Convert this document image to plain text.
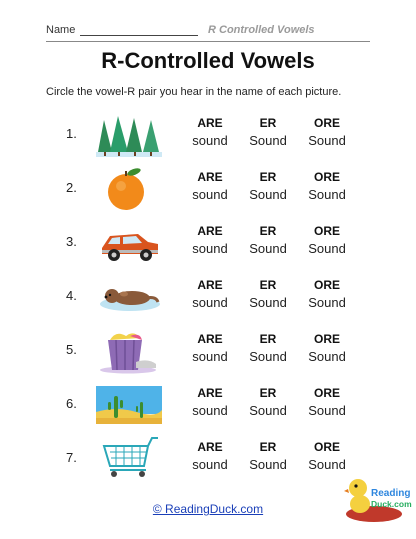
Name	R Controlled Vowels
R-Controlled Vowels
Circle the vowel-R pair you hear in the name of each picture.
1.
ARE
sound
ER
Sound
ORE
Sound
2.
ARE
sound
ER
Sound
ORE
Sound
3.
ARE
sound
ER
Sound
ORE
Sound
4.
ARE
sound
ER
Sound
ORE
Sound
5.
ARE
sound
ER
Sound
ORE
Sound
6.
ARE
sound
ER
Sound
ORE
Sound
7.
ARE
sound
ER
Sound
ORE
Sound
© ReadingDuck.com
Reading
Duck.com
